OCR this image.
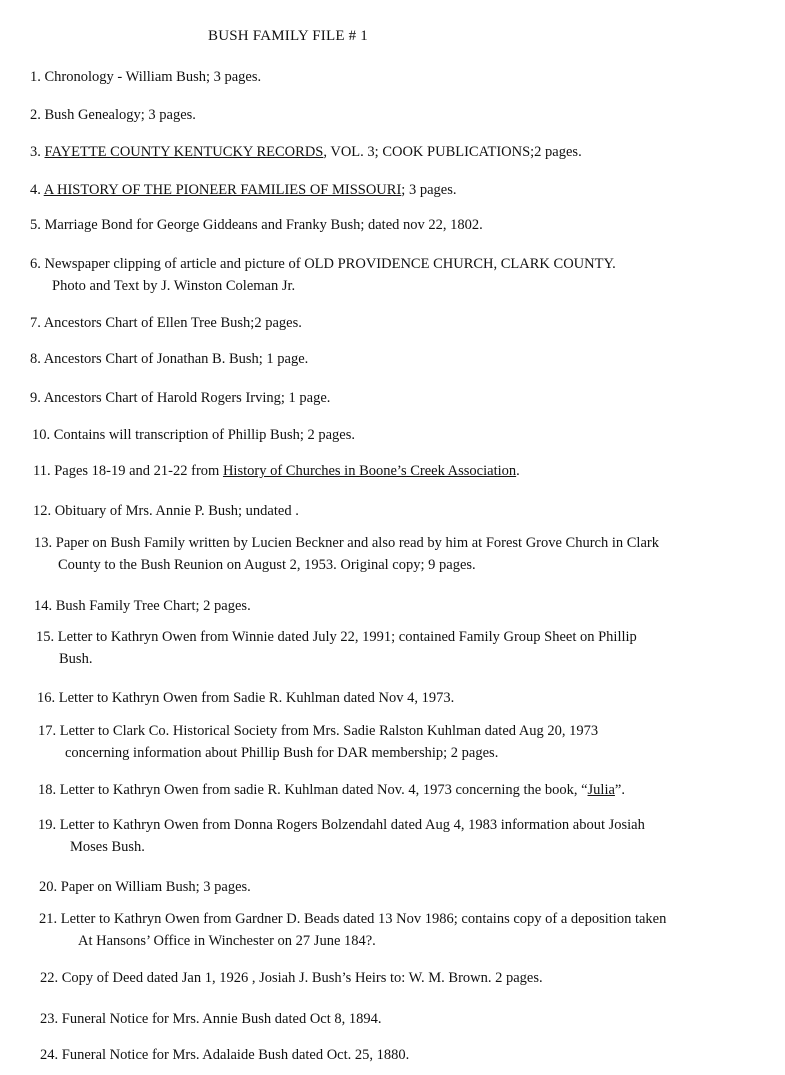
BUSH FAMILY FILE # 1
1. Chronology - William Bush; 3 pages.
2. Bush Genealogy; 3 pages.
3. FAYETTE COUNTY KENTUCKY RECORDS, VOL. 3; COOK PUBLICATIONS;2 pages.
4. A HISTORY OF THE PIONEER FAMILIES OF MISSOURI; 3 pages.
5. Marriage Bond for George Giddeans and Franky Bush; dated nov 22, 1802.
6. Newspaper clipping of article and picture of OLD PROVIDENCE CHURCH, CLARK COUNTY.
Photo and Text by J. Winston Coleman Jr.
7. Ancestors Chart of Ellen Tree Bush;2 pages.
8. Ancestors Chart of Jonathan B. Bush; 1 page.
9. Ancestors Chart of Harold Rogers Irving; 1 page.
10. Contains will transcription of Phillip Bush; 2 pages.
11. Pages 18-19 and 21-22 from History of Churches in Boone’s Creek Association.
12. Obituary of Mrs. Annie P. Bush; undated .
13. Paper on Bush Family written by Lucien Beckner and also read by him at Forest Grove Church in Clark
County to the Bush Reunion on August 2, 1953. Original copy; 9 pages.
14. Bush Family Tree Chart; 2 pages.
15. Letter to Kathryn Owen from Winnie dated July 22, 1991; contained Family Group Sheet on Phillip
Bush.
16. Letter to Kathryn Owen from Sadie R. Kuhlman dated Nov 4, 1973.
17. Letter to Clark Co. Historical Society from Mrs. Sadie Ralston Kuhlman dated Aug 20, 1973
concerning information about Phillip Bush for DAR membership; 2 pages.
18. Letter to Kathryn Owen from sadie R. Kuhlman dated Nov. 4, 1973 concerning the book, “Julia”.
19. Letter to Kathryn Owen from Donna Rogers Bolzendahl dated Aug 4, 1983 information about Josiah
Moses Bush.
20. Paper on William Bush; 3 pages.
21. Letter to Kathryn Owen from Gardner D. Beads dated 13 Nov 1986; contains copy of a deposition taken
At Hansons’ Office in Winchester on 27 June 184?.
22. Copy of Deed dated Jan 1, 1926 , Josiah J. Bush’s Heirs to: W. M. Brown. 2 pages.
23. Funeral Notice for Mrs. Annie Bush dated Oct 8, 1894.
24. Funeral Notice for Mrs. Adalaide Bush dated Oct. 25, 1880.
